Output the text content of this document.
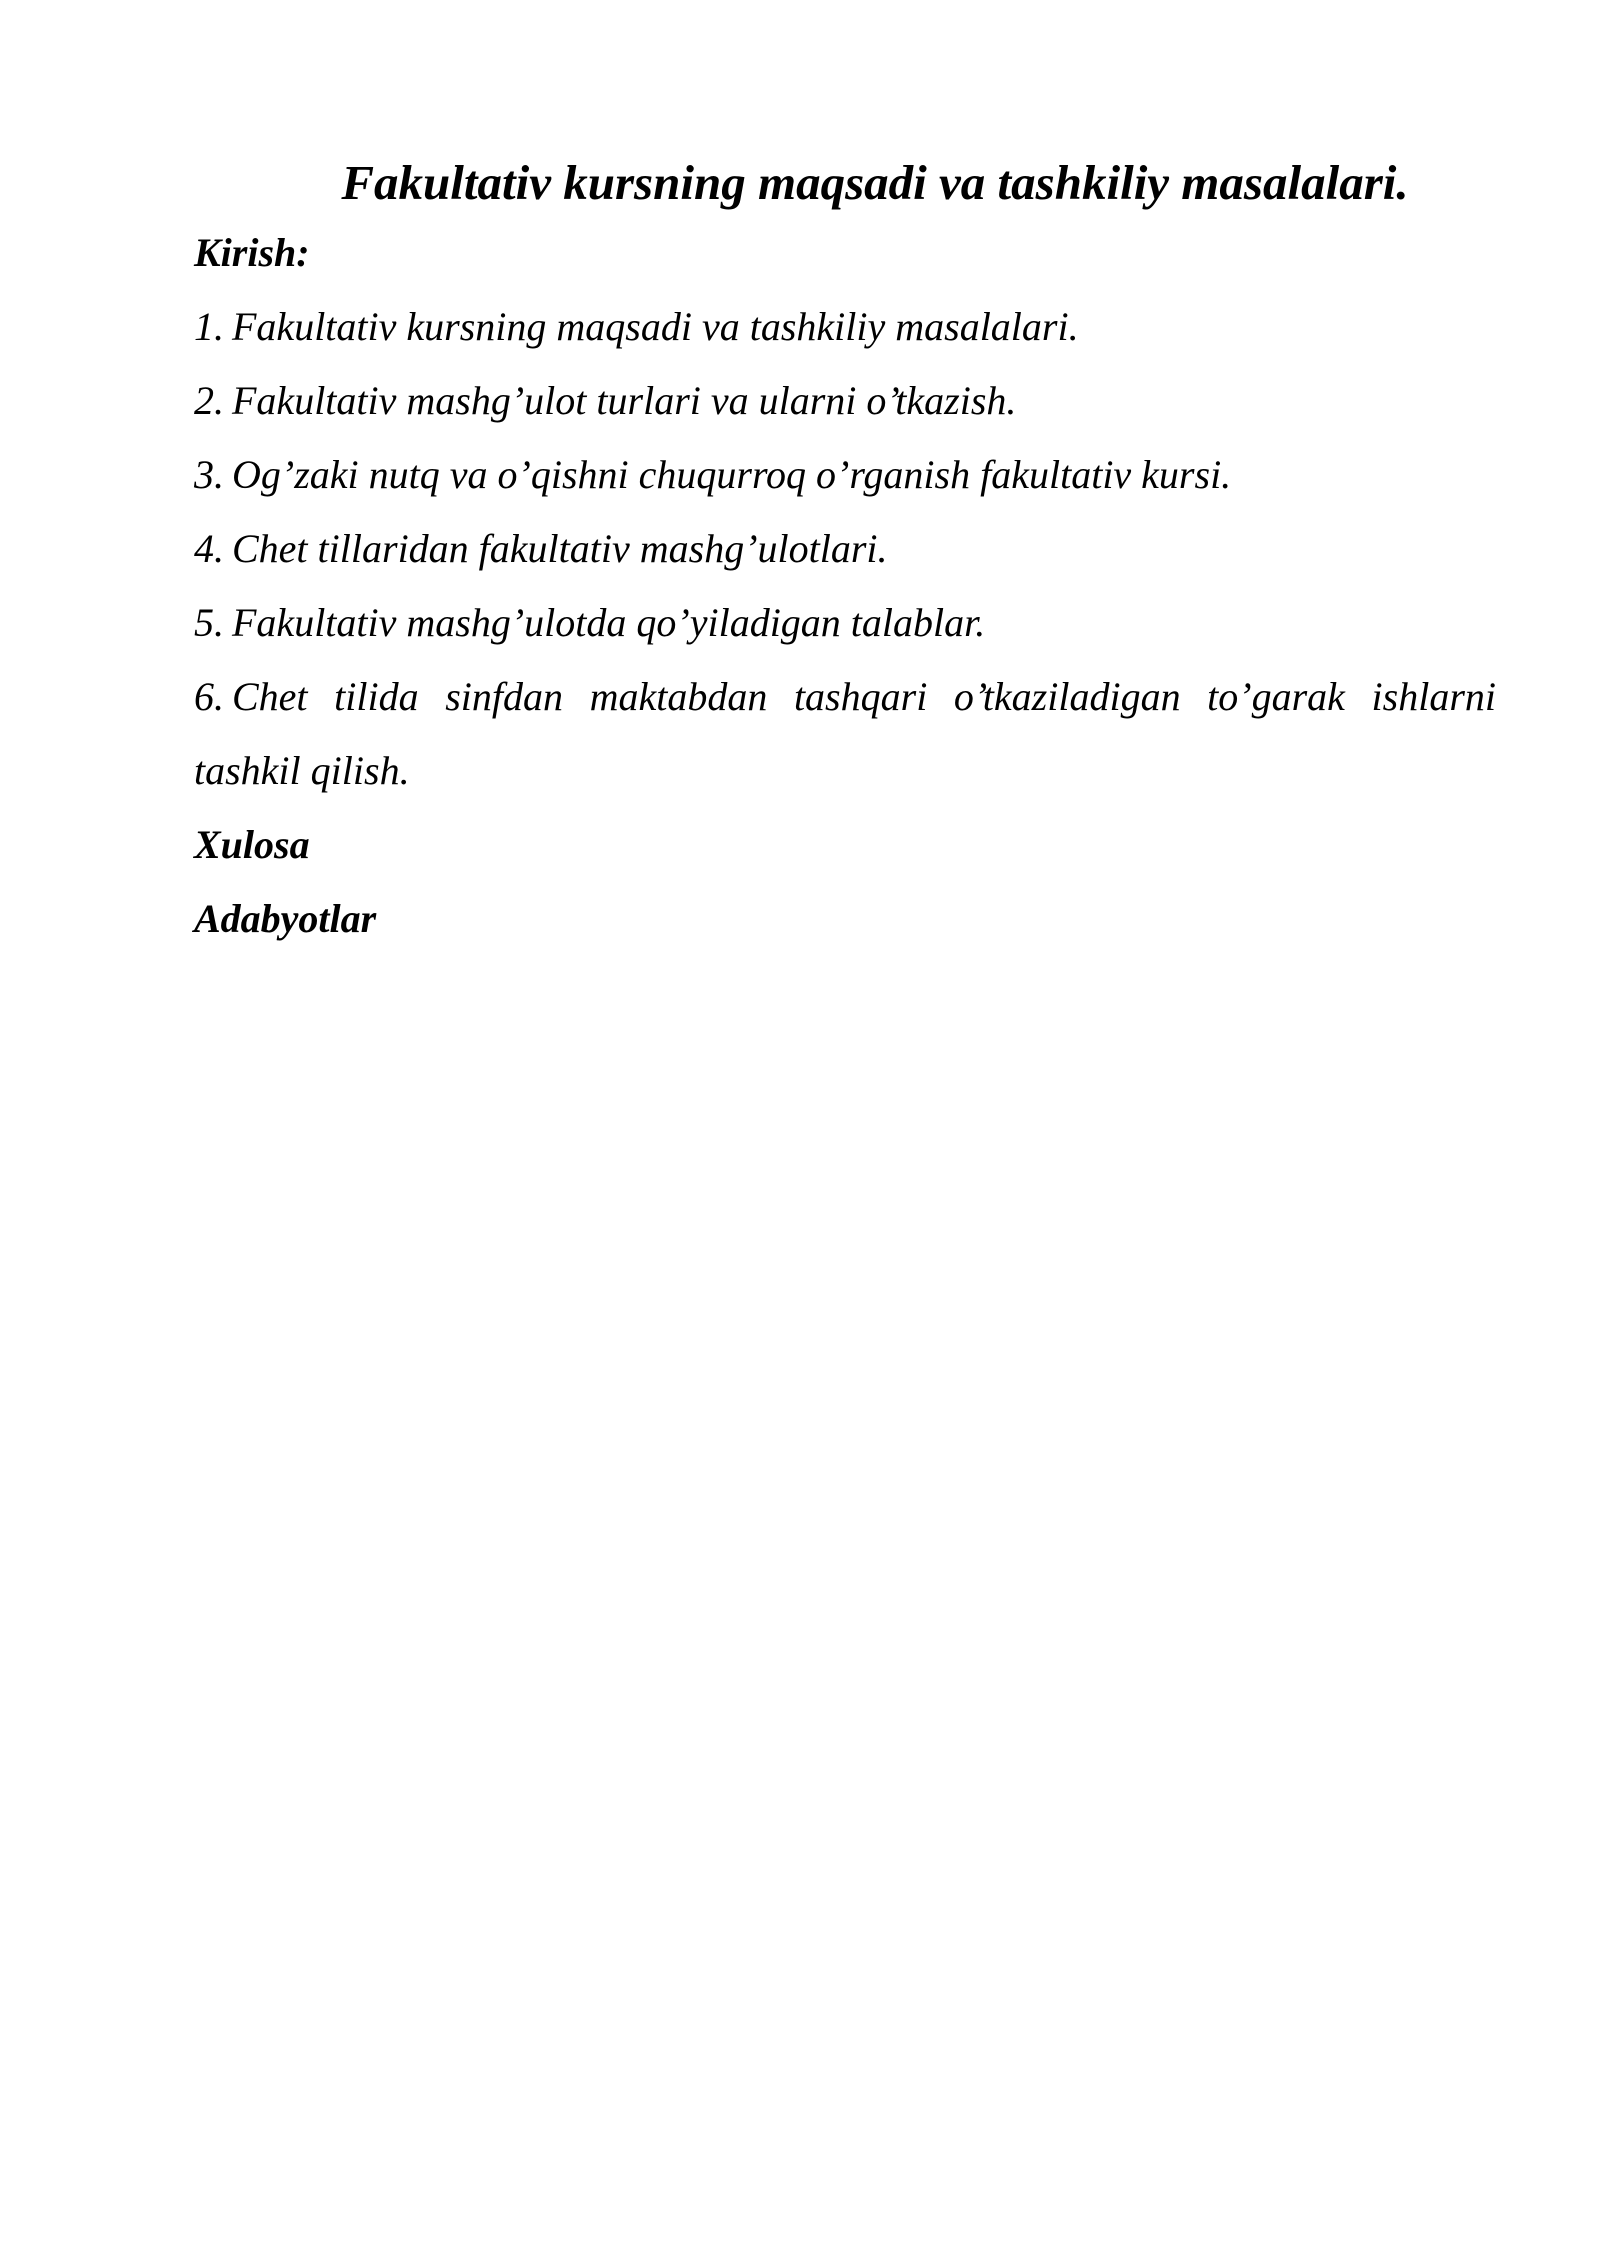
Fakultativ kursning maqsadi va tashkiliy masalalari.
Kirish:
1. Fakultativ kursning maqsadi va tashkiliy masalalari.
2. Fakultativ mashg’ulot turlari va ularni o’tkazish.
3. Og’zaki nutq va o’qishni chuqurroq o’rganish fakultativ kursi.
4. Chet tillaridan fakultativ mashg’ulotlari.
5. Fakultativ mashg’ulotda qo’yiladigan talablar.
6. Chet tilida sinfdan maktabdan tashqari o’tkaziladigan to’garak ishlarni tashkil qilish.
Xulosa
Adabyotlar
